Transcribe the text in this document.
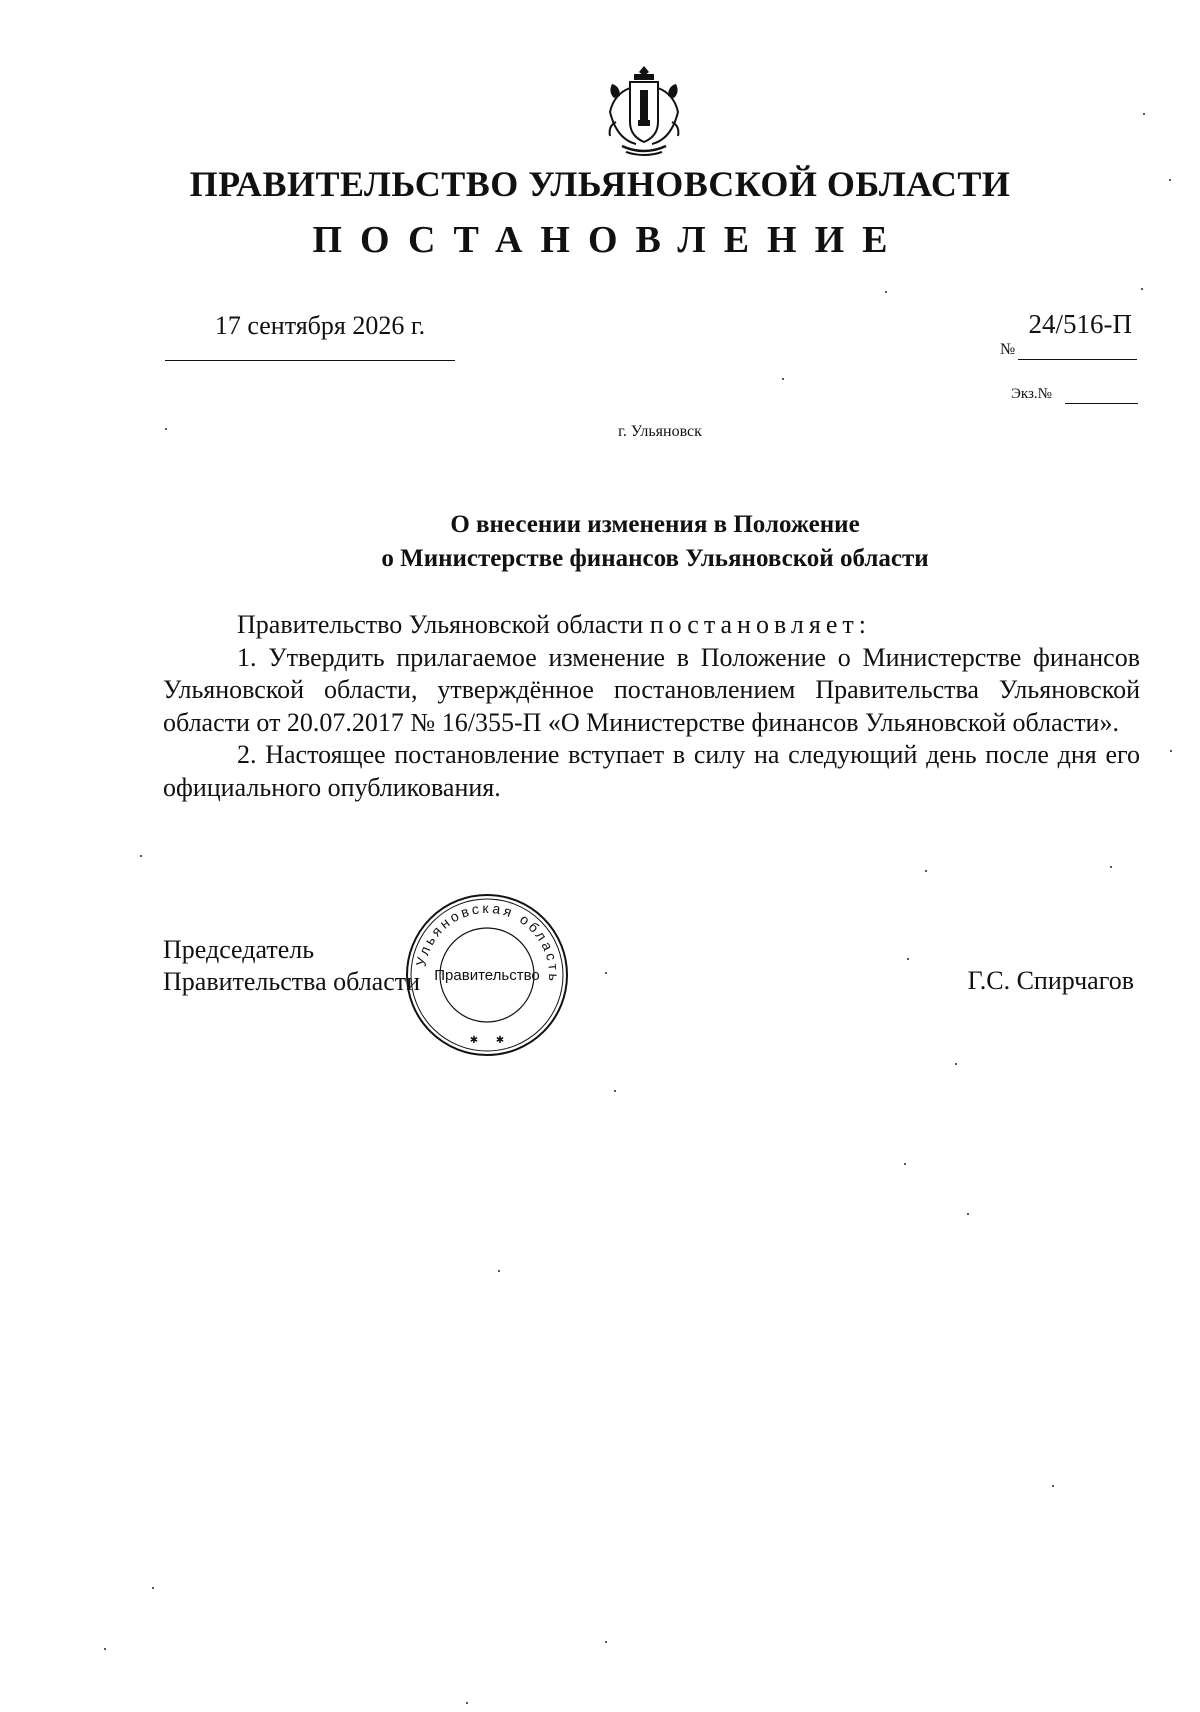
ПРАВИТЕЛЬСТВО УЛЬЯНОВСКОЙ ОБЛАСТИ
ПОСТАНОВЛЕНИЕ
17 сентября 2026 г.
№
24/516-П
Экз.№
г. Ульяновск
О внесении изменения в Положение
о Министерстве финансов Ульяновской области

Правительство Ульяновской области постановляет:

1. Утвердить прилагаемое изменение в Положение о Министерстве финансов Ульяновской области, утверждённое постановлением Правительства Ульяновской области от 20.07.2017 № 16/355-П «О Министерстве финансов Ульяновской области».

2. Настоящее постановление вступает в силу на следующий день после дня его официального опубликования.

Председатель
Правительства области	Г.С. Спирчагов
Ульяновская область
Правительство
✱ ✱
